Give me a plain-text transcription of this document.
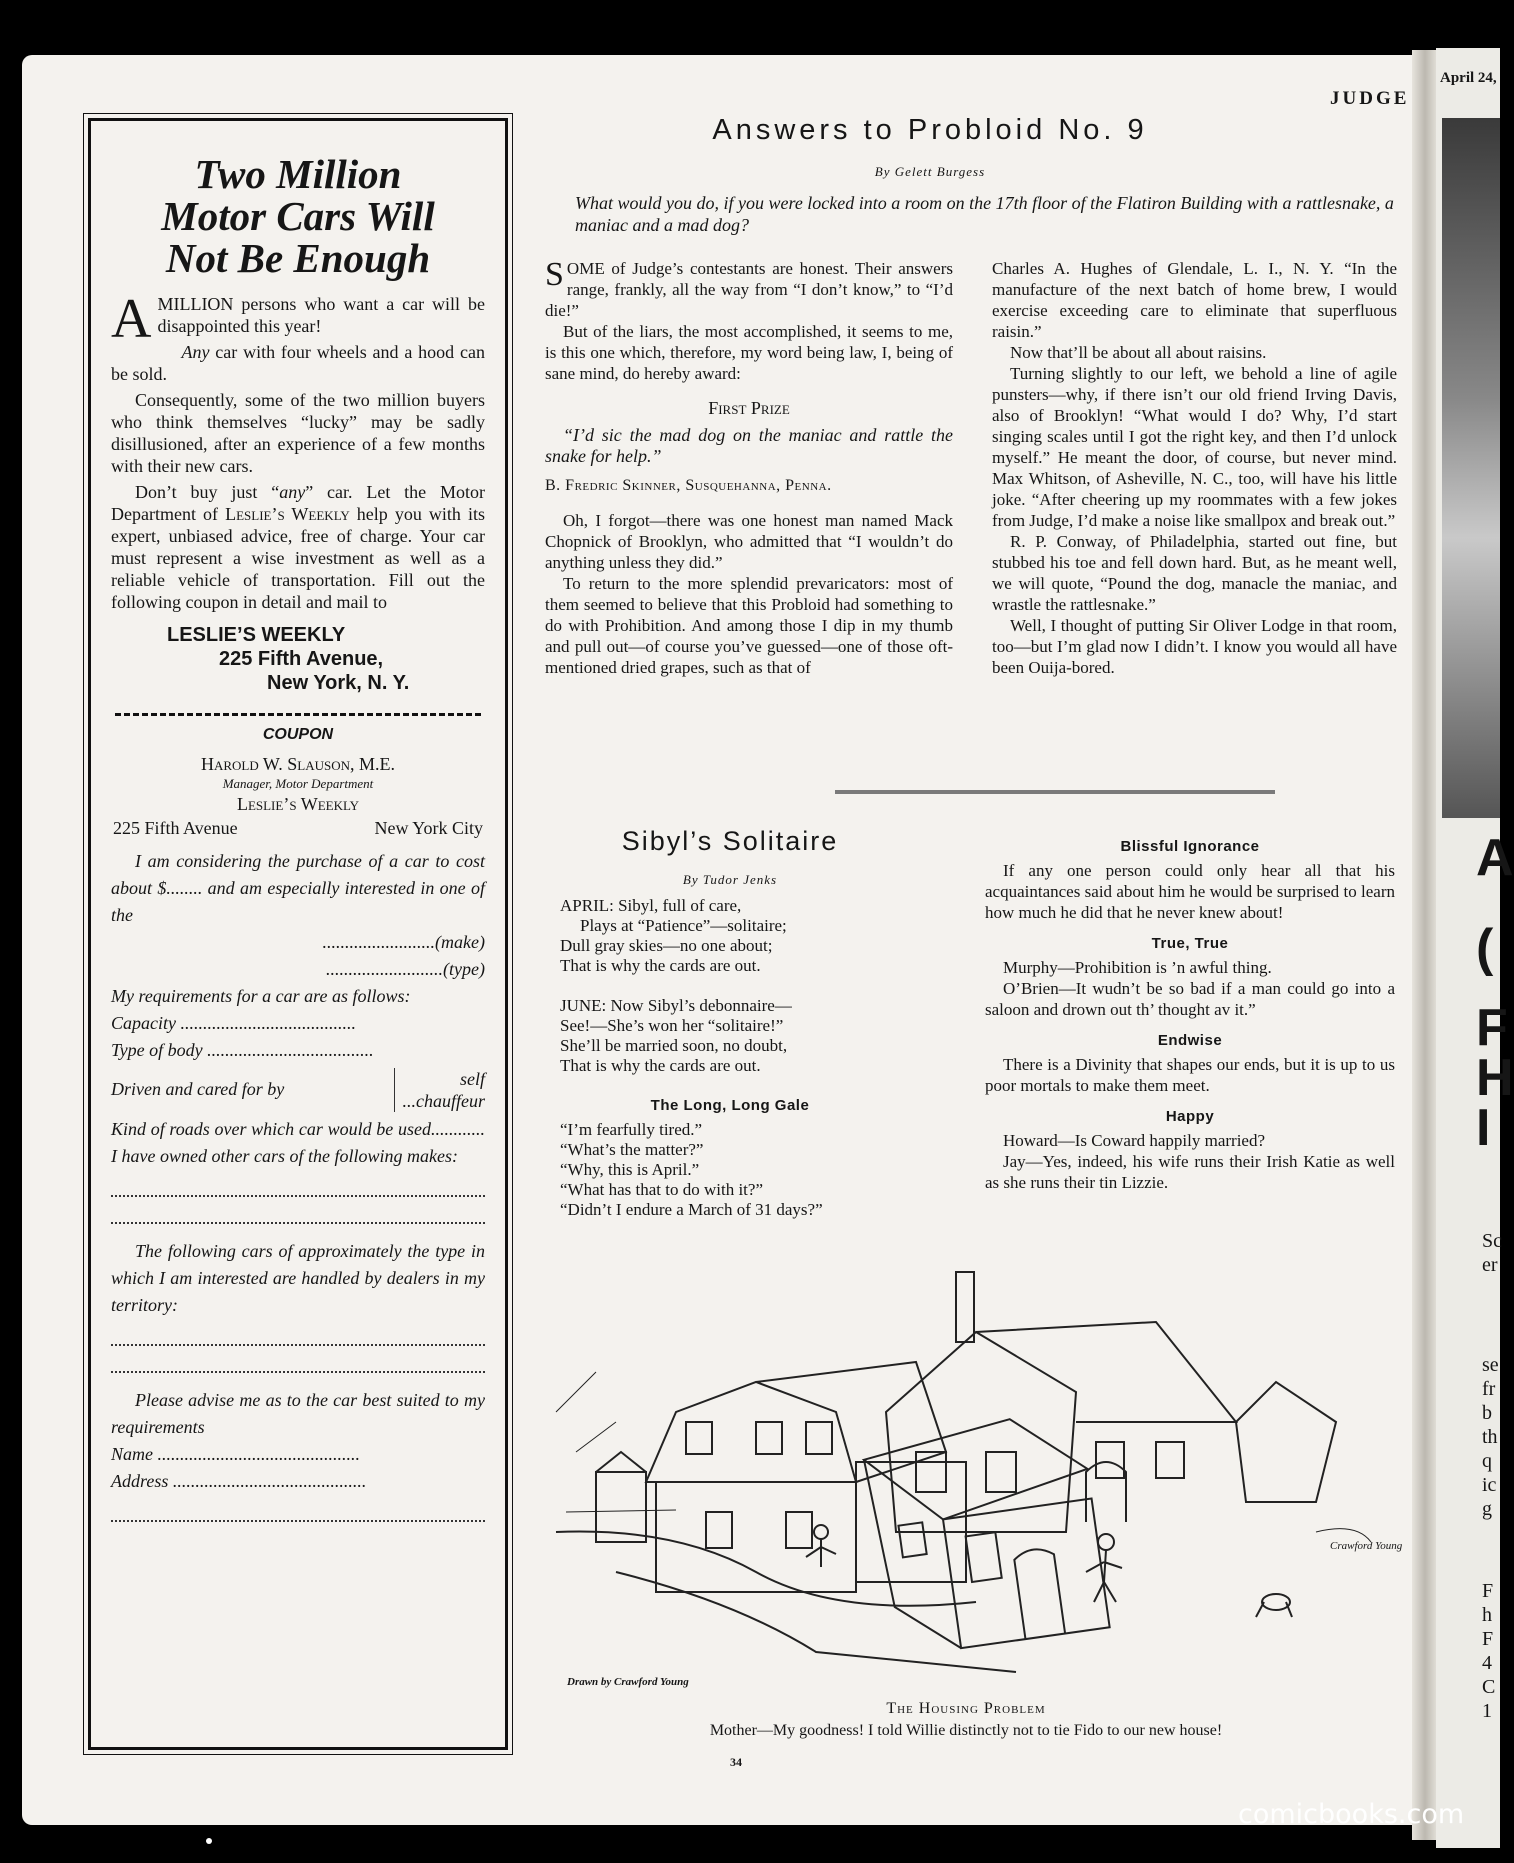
April 24,
A
(
F
H
I
Sc
er
se
fr
b
th
q
ic
g
F
h
F
4
C
1
JUDGE
Two Million
Motor Cars Will
Not Be Enough

AMILLION persons who want a car will be disappointed this year!

Any car with four wheels and a hood can be sold.

Consequently, some of the two million buyers who think themselves “lucky” may be sadly disillusioned, after an experience of a few months with their new cars.

Don’t buy just “any” car. Let the Motor Department of Leslie’s Weekly help you with its expert, unbiased advice, free of charge. Your car must represent a wise investment as well as a reliable vehicle of transportation. Fill out the following coupon in detail and mail to

LESLIE’S WEEKLY
225 Fifth Avenue,
New York, N. Y.
COUPON
Harold W. Slauson, M.E.
Manager, Motor Department
Leslie’s Weekly
225 Fifth Avenue	New York City

I am considering the purchase of a car to cost about $........ and am especially interested in one of the

.........................(make)

..........................(type)

My requirements for a car are as follows:

Capacity .......................................

Type of body .....................................

Driven and cared for by	self
...chauffeur

Kind of roads over which car would be used............ I have owned other cars of the following makes:

The following cars of approximately the type in which I am interested are handled by dealers in my territory:

Please advise me as to the car best suited to my requirements

Name .............................................

Address ...........................................

Answers to Probloid No. 9
By Gelett Burgess
What would you do, if you were locked into a room on the 17th floor of the Flatiron Building with a rattlesnake, a maniac and a mad dog?

SOME of Judge’s contestants are honest. Their answers range, frankly, all the way from “I don’t know,” to “I’d die!”

But of the liars, the most accomplished, it seems to me, is this one which, therefore, my word being law, I, being of sane mind, do hereby award:

First Prize

“I’d sic the mad dog on the maniac and rattle the snake for help.”

B. Fredric Skinner, Susquehanna, Penna.

Oh, I forgot—there was one honest man named Mack Chopnick of Brooklyn, who admitted that “I wouldn’t do anything unless they did.”

To return to the more splendid prevaricators: most of them seemed to believe that this Probloid had something to do with Prohibition. And among those I dip in my thumb and pull out—of course you’ve guessed—one of those oft-mentioned dried grapes, such as that of

Charles A. Hughes of Glendale, L. I., N. Y. “In the manufacture of the next batch of home brew, I would exercise exceeding care to eliminate that superfluous raisin.”

Now that’ll be about all about raisins.

Turning slightly to our left, we behold a line of agile punsters—why, if there isn’t our old friend Irving Davis, also of Brooklyn! “What would I do? Why, I’d start singing scales until I got the right key, and then I’d unlock myself.” He meant the door, of course, but never mind. Max Whitson, of Asheville, N. C., too, will have his little joke. “After cheering up my roommates with a few jokes from Judge, I’d make a noise like smallpox and break out.”

R. P. Conway, of Philadelphia, started out fine, but stubbed his toe and fell down hard. But, as he meant well, we will quote, “Pound the dog, manacle the maniac, and wrastle the rattlesnake.”

Well, I thought of putting Sir Oliver Lodge in that room, too—but I’m glad now I didn’t. I know you would all have been Ouija-bored.

Sibyl’s Solitaire
By Tudor Jenks

APRIL: Sibyl, full of care,

Plays at “Patience”—solitaire;

Dull gray skies—no one about;

That is why the cards are out.

JUNE: Now Sibyl’s debonnaire—

See!—She’s won her “solitaire!”

She’ll be married soon, no doubt,

That is why the cards are out.

The Long, Long Gale

“I’m fearfully tired.”

“What’s the matter?”

“Why, this is April.”

“What has that to do with it?”

“Didn’t I endure a March of 31 days?”

Blissful Ignorance

If any one person could only hear all that his acquaintances said about him he would be surprised to learn how much he did that he never knew about!

True, True

Murphy—Prohibition is ’n awful thing.

O’Brien—It wudn’t be so bad if a man could go into a saloon and drown out th’ thought av it.”

Endwise

There is a Divinity that shapes our ends, but it is up to us poor mortals to make them meet.

Happy

Howard—Is Coward happily married?

Jay—Yes, indeed, his wife runs their Irish Katie as well as she runs their tin Lizzie.

Crawford Young
Drawn by Crawford Young
The Housing Problem
Mother—My goodness! I told Willie distinctly not to tie Fido to our new house!
34
comicbooks.com
